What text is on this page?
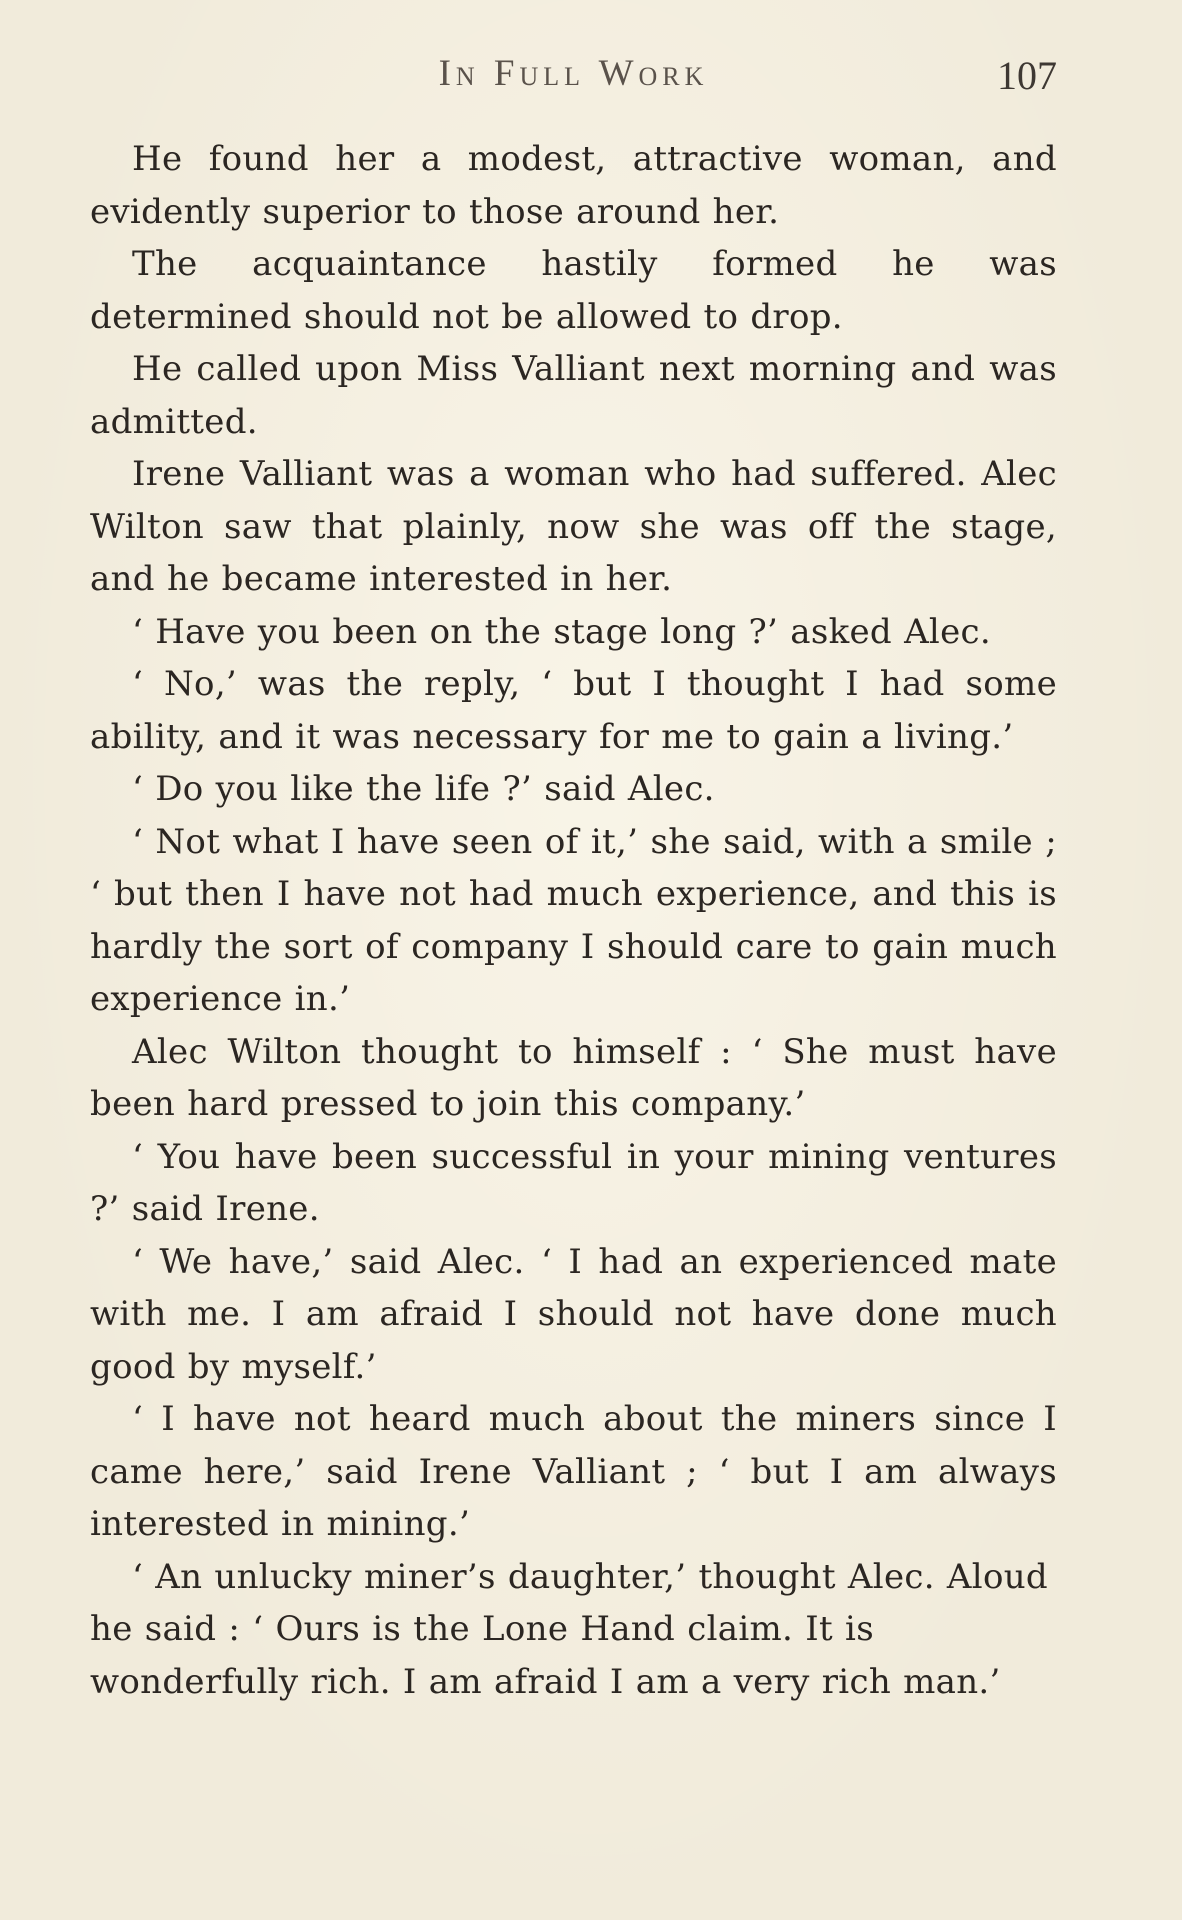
In Full Work	107

He found her a modest, attractive woman, and evidently superior to those around her.

The acquaintance hastily formed he was determined should not be allowed to drop.

He called upon Miss Valliant next morning and was admitted.

Irene Valliant was a woman who had suffered. Alec Wilton saw that plainly, now she was off the stage, and he became interested in her.

‘ Have you been on the stage long ?’ asked Alec.

‘ No,’ was the reply, ‘ but I thought I had some ability, and it was necessary for me to gain a living.’

‘ Do you like the life ?’ said Alec.

‘ Not what I have seen of it,’ she said, with a smile ; ‘ but then I have not had much experience, and this is hardly the sort of company I should care to gain much experience in.’

Alec Wilton thought to himself : ‘ She must have been hard pressed to join this company.’

‘ You have been successful in your mining ventures ?’ said Irene.

‘ We have,’ said Alec. ‘ I had an experienced mate with me. I am afraid I should not have done much good by myself.’

‘ I have not heard much about the miners since I came here,’ said Irene Valliant ; ‘ but I am always interested in mining.’

‘ An unlucky miner’s daughter,’ thought Alec. Aloud he said : ‘ Ours is the Lone Hand claim. It is wonderfully rich. I am afraid I am a very rich man.’
